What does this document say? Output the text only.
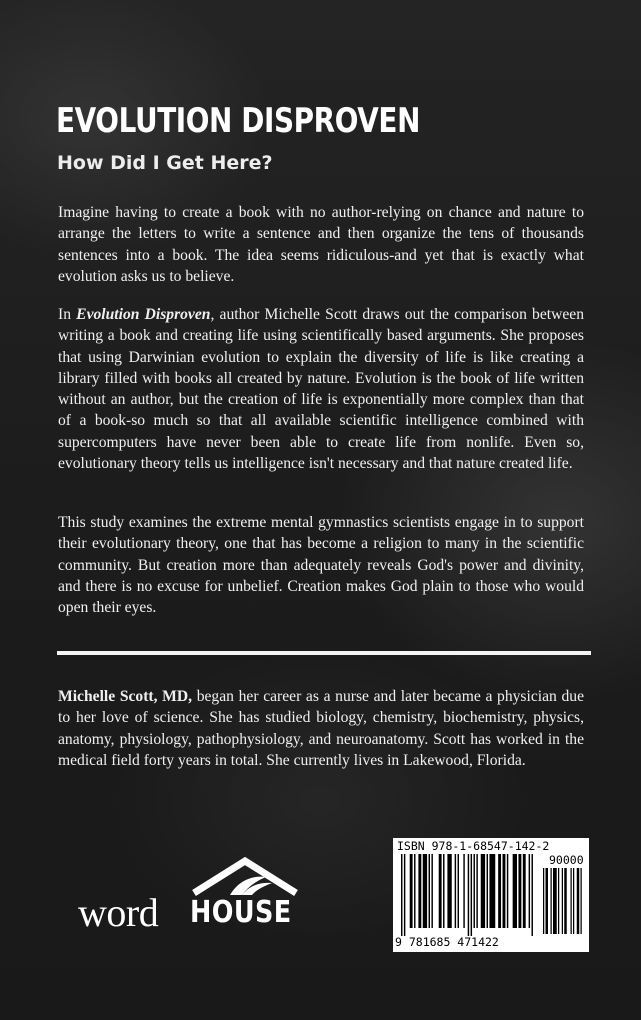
EVOLUTION DISPROVEN
How Did I Get Here?

Imagine having to create a book with no author-relying on chance and nature to arrange the letters to write a sentence and then organize the tens of thousands sentences into a book. The idea seems ridiculous-and yet that is exactly what evolution asks us to believe.

In Evolution Disproven, author Michelle Scott draws out the comparison between writing a book and creating life using scientifically based arguments. She proposes that using Darwinian evolution to explain the diversity of life is like creating a library filled with books all created by nature. Evolution is the book of life written without an author, but the creation of life is exponentially more complex than that of a book-so much so that all available scientific intelligence combined with supercomputers have never been able to create life from nonlife. Even so, evolutionary theory tells us intelligence isn't necessary and that nature created life.

This study examines the extreme mental gymnastics scientists engage in to support their evolutionary theory, one that has become a religion to many in the scientific community. But creation more than adequately reveals God's power and divinity, and there is no excuse for unbelief. Creation makes God plain to those who would open their eyes.

Michelle Scott, MD, began her career as a nurse and later became a physician due to her love of science. She has studied biology, chemistry, biochemistry, physics, anatomy, physiology, pathophysiology, and neuroanatomy. Scott has worked in the medical field forty years in total. She currently lives in Lakewood, Florida.

ISBN 978-1-68547-142-2
90000
9 781685 471422
word HOUSE
